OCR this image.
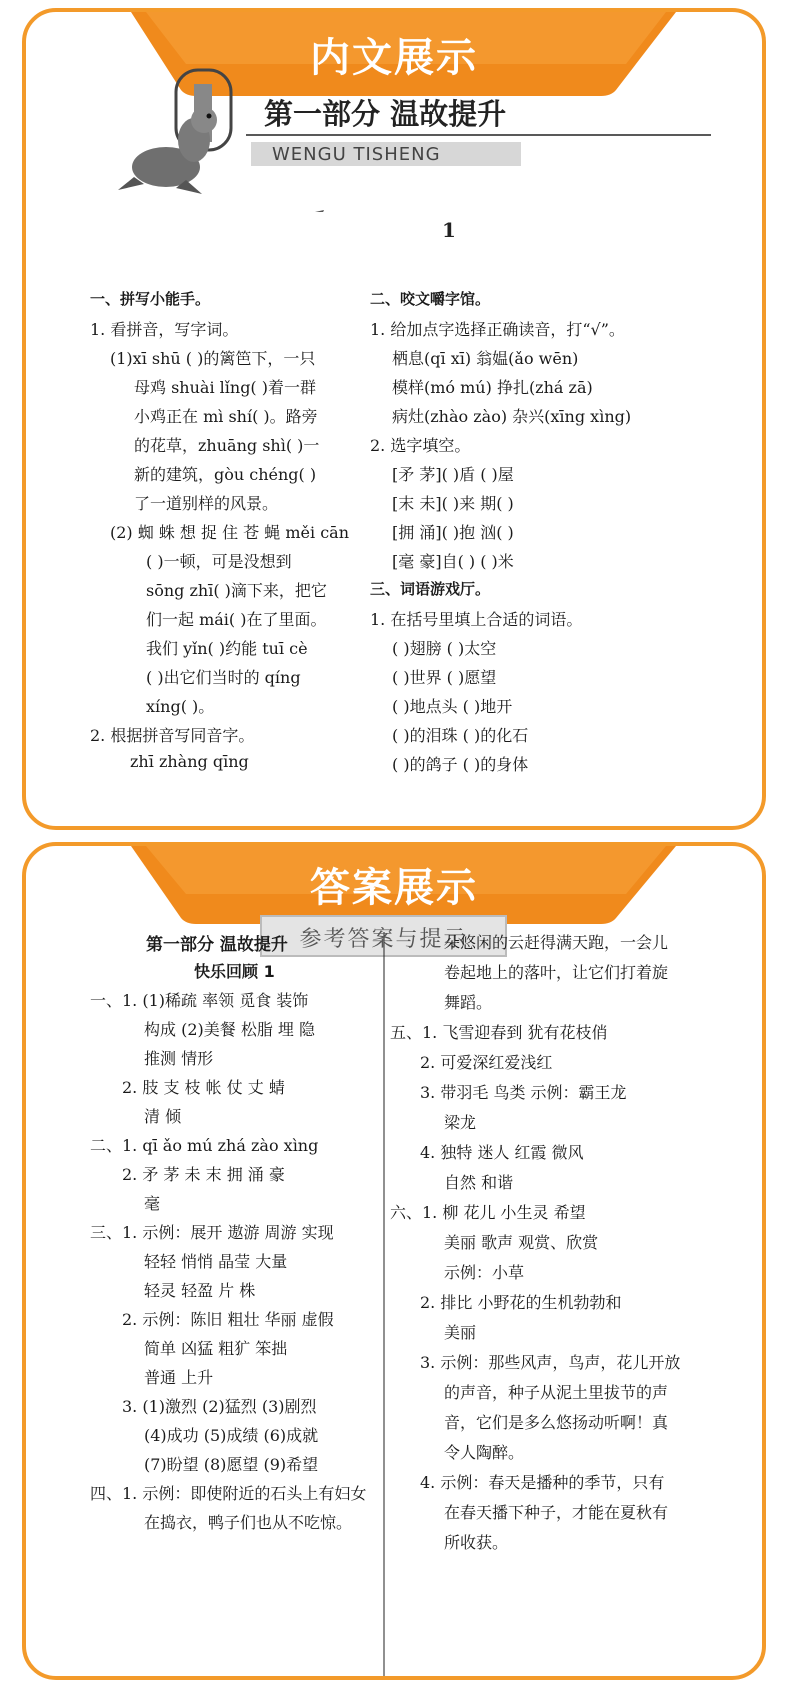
内文展示
第一部分 温故提升
WENGU TISHENG
快乐回顾	1
一、拼写小能手。
1. 看拼音，写字词。
(1)xī shū ( )的篱笆下，一只
母鸡 shuài lǐng( )着一群
小鸡正在 mì shí( )。路旁
的花草，zhuāng shì( )一
新的建筑，gòu chéng( )
了一道别样的风景。
(2) 蜘 蛛 想 捉 住 苍 蝇 měi cān
( )一顿，可是没想到
sōng zhī( )滴下来，把它
们一起 mái( )在了里面。
我们 yǐn( )约能 tuī cè
( )出它们当时的 qíng
xíng( )。
2. 根据拼音写同音字。
zhī zhàng qīng
二、咬文嚼字馆。
1. 给加点字选择正确读音，打“√”。
栖息(qī xī) 翁媪(ǎo wēn)
模样(mó mú) 挣扎(zhá zā)
病灶(zhào zào) 杂兴(xīng xìng)
2. 选字填空。
[矛 茅]( )盾 ( )屋
[末 未]( )来 期( )
[拥 涌]( )抱 汹( )
[毫 豪]自( ) ( )米
三、词语游戏厅。
1. 在括号里填上合适的词语。
( )翅膀 ( )太空
( )世界 ( )愿望
( )地点头 ( )地开
( )的泪珠 ( )的化石
( )的鸽子 ( )的身体
答案展示
参考答案与提示
第一部分 温故提升
快乐回顾 1
一、1. (1)稀疏 率领 觅食 装饰
构成 (2)美餐 松脂 埋 隐
推测 情形
2. 肢 支 枝 帐 仗 丈 蜻
清 倾
二、1. qī ǎo mú zhá zào xìng
2. 矛 茅 未 末 拥 涌 豪
毫
三、1. 示例：展开 遨游 周游 实现
轻轻 悄悄 晶莹 大量
轻灵 轻盈 片 株
2. 示例：陈旧 粗壮 华丽 虚假
简单 凶猛 粗犷 笨拙
普通 上升
3. (1)激烈 (2)猛烈 (3)剧烈
(4)成功 (5)成绩 (6)成就
(7)盼望 (8)愿望 (9)希望
四、1. 示例：即使附近的石头上有妇女
在捣衣，鸭子们也从不吃惊。
朵悠闲的云赶得满天跑，一会儿
卷起地上的落叶，让它们打着旋
舞蹈。
五、1. 飞雪迎春到 犹有花枝俏
2. 可爱深红爱浅红
3. 带羽毛 鸟类 示例：霸王龙
梁龙
4. 独特 迷人 红霞 微风
自然 和谐
六、1. 柳 花儿 小生灵 希望
美丽 歌声 观赏、欣赏
示例：小草
2. 排比 小野花的生机勃勃和
美丽
3. 示例：那些风声，鸟声，花儿开放
的声音，种子从泥土里拔节的声
音，它们是多么悠扬动听啊！真
令人陶醉。
4. 示例：春天是播种的季节，只有
在春天播下种子，才能在夏秋有
所收获。
